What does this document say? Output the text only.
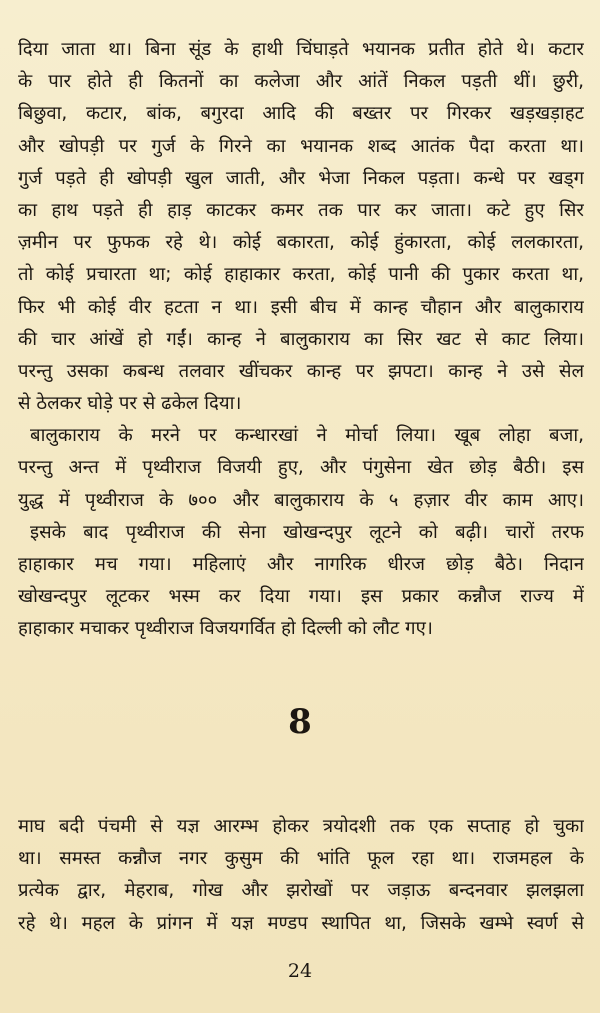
दिया जाता था। बिना सूंड के हाथी चिंघाड़ते भयानक प्रतीत होते थे। कटार
के पार होते ही कितनों का कलेजा और आंतें निकल पड़ती थीं। छुरी,
बिछुवा, कटार, बांक, बगुरदा आदि की बख्तर पर गिरकर खड़खड़ाहट
और खोपड़ी पर गुर्ज के गिरने का भयानक शब्द आतंक पैदा करता था।
गुर्ज पड़ते ही खोपड़ी खुल जाती, और भेजा निकल पड़ता। कन्धे पर खड्ग
का हाथ पड़ते ही हाड़ काटकर कमर तक पार कर जाता। कटे हुए सिर
ज़मीन पर फुफक रहे थे। कोई बकारता, कोई हुंकारता, कोई ललकारता,
तो कोई प्रचारता था; कोई हाहाकार करता, कोई पानी की पुकार करता था,
फिर भी कोई वीर हटता न था। इसी बीच में कान्ह चौहान और बालुकाराय
की चार आंखें हो गईं। कान्ह ने बालुकाराय का सिर खट से काट लिया।
परन्तु उसका कबन्ध तलवार खींचकर कान्ह पर झपटा। कान्ह ने उसे सेल
से ठेलकर घोड़े पर से ढकेल दिया।
बालुकाराय के मरने पर कन्धारखां ने मोर्चा लिया। खूब लोहा बजा,
परन्तु अन्त में पृथ्वीराज विजयी हुए, और पंगुसेना खेत छोड़ बैठी। इस
युद्ध में पृथ्वीराज के ७०० और बालुकाराय के ५ हज़ार वीर काम आए।
इसके बाद पृथ्वीराज की सेना खोखन्दपुर लूटने को बढ़ी। चारों तरफ
हाहाकार मच गया। महिलाएं और नागरिक धीरज छोड़ बैठे। निदान
खोखन्दपुर लूटकर भस्म कर दिया गया। इस प्रकार कन्नौज राज्य में
हाहाकार मचाकर पृथ्वीराज विजयगर्वित हो दिल्ली को लौट गए।
8
माघ बदी पंचमी से यज्ञ आरम्भ होकर त्रयोदशी तक एक सप्ताह हो चुका
था। समस्त कन्नौज नगर कुसुम की भांति फूल रहा था। राजमहल के
प्रत्येक द्वार, मेहराब, गोख और झरोखों पर जड़ाऊ बन्दनवार झलझला
रहे थे। महल के प्रांगन में यज्ञ मण्डप स्थापित था, जिसके खम्भे स्वर्ण से
24
